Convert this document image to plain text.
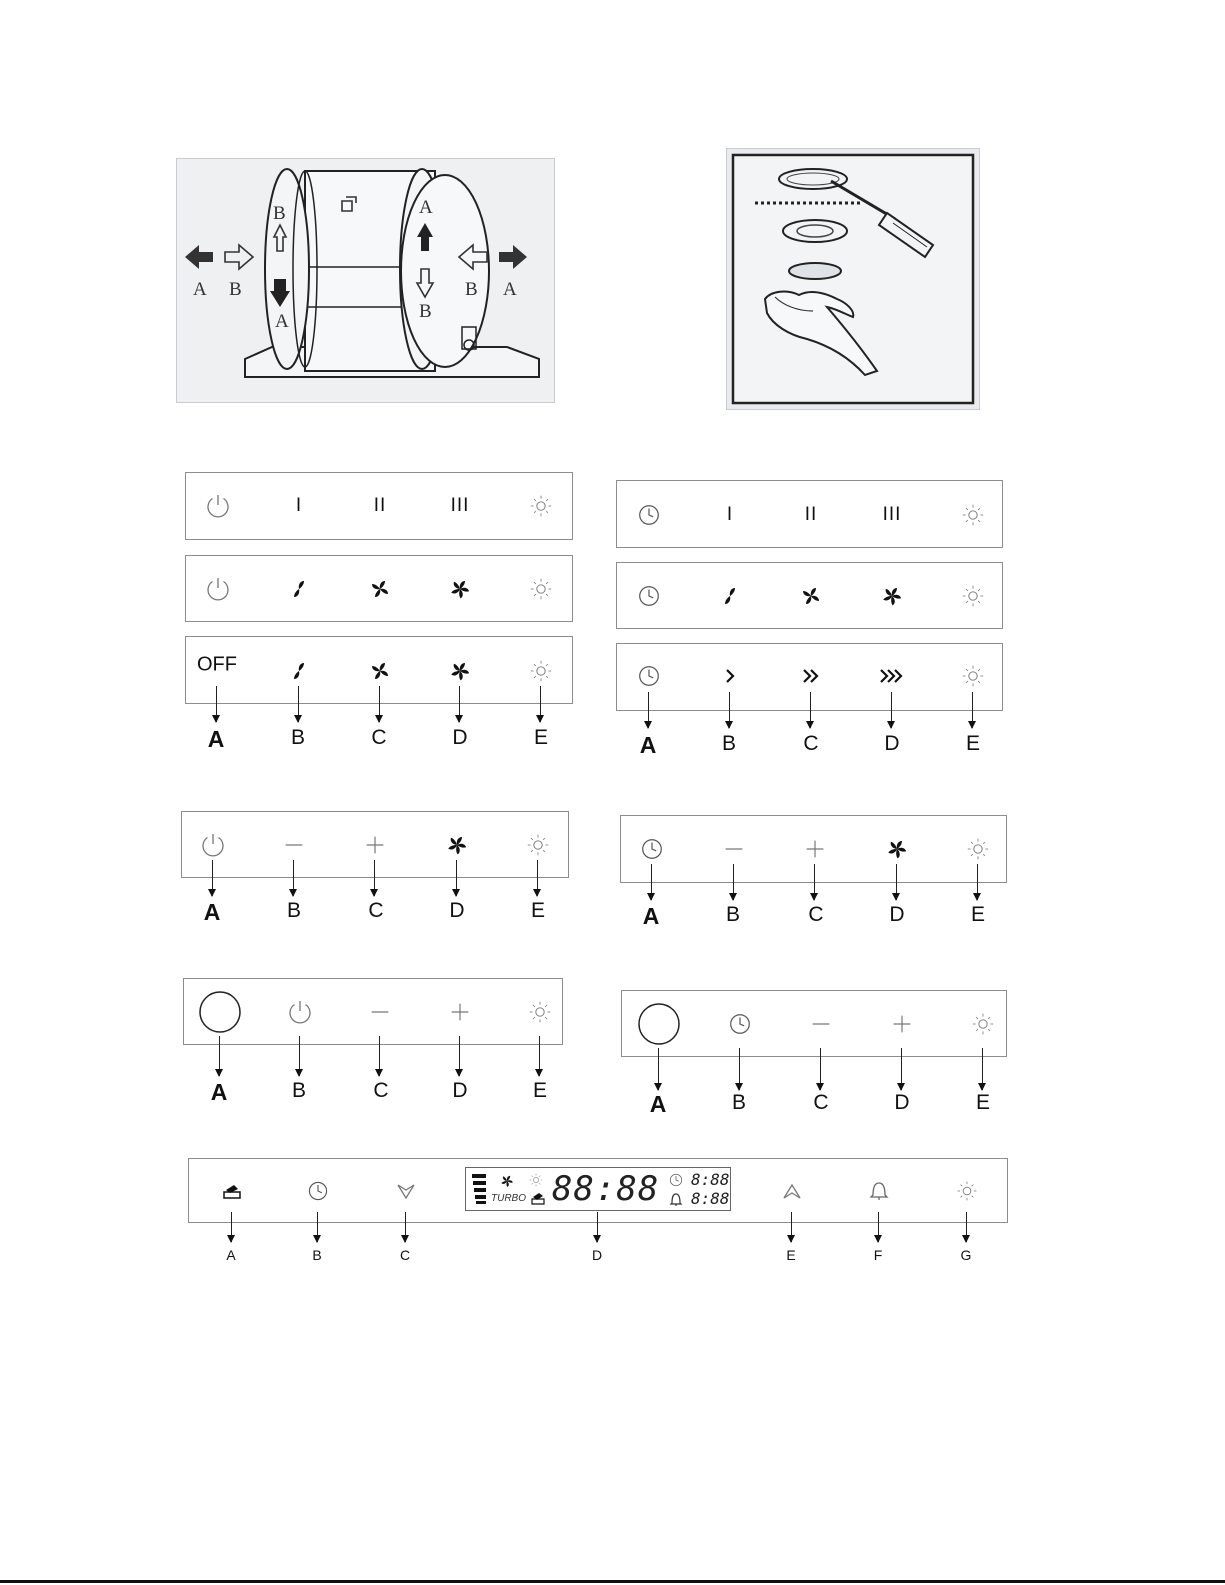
A B
B
A
A
B
B A
I	II	III
OFF
A	B	C	D	E
I	II	III
A	B	C	D	E
A	B	C	D	E	A	B	C	D	E
A	B	C	D	E
A	B	C	D	E
TURBO 88:88 8:88
8:88
A	B	C	D	E	F	G
